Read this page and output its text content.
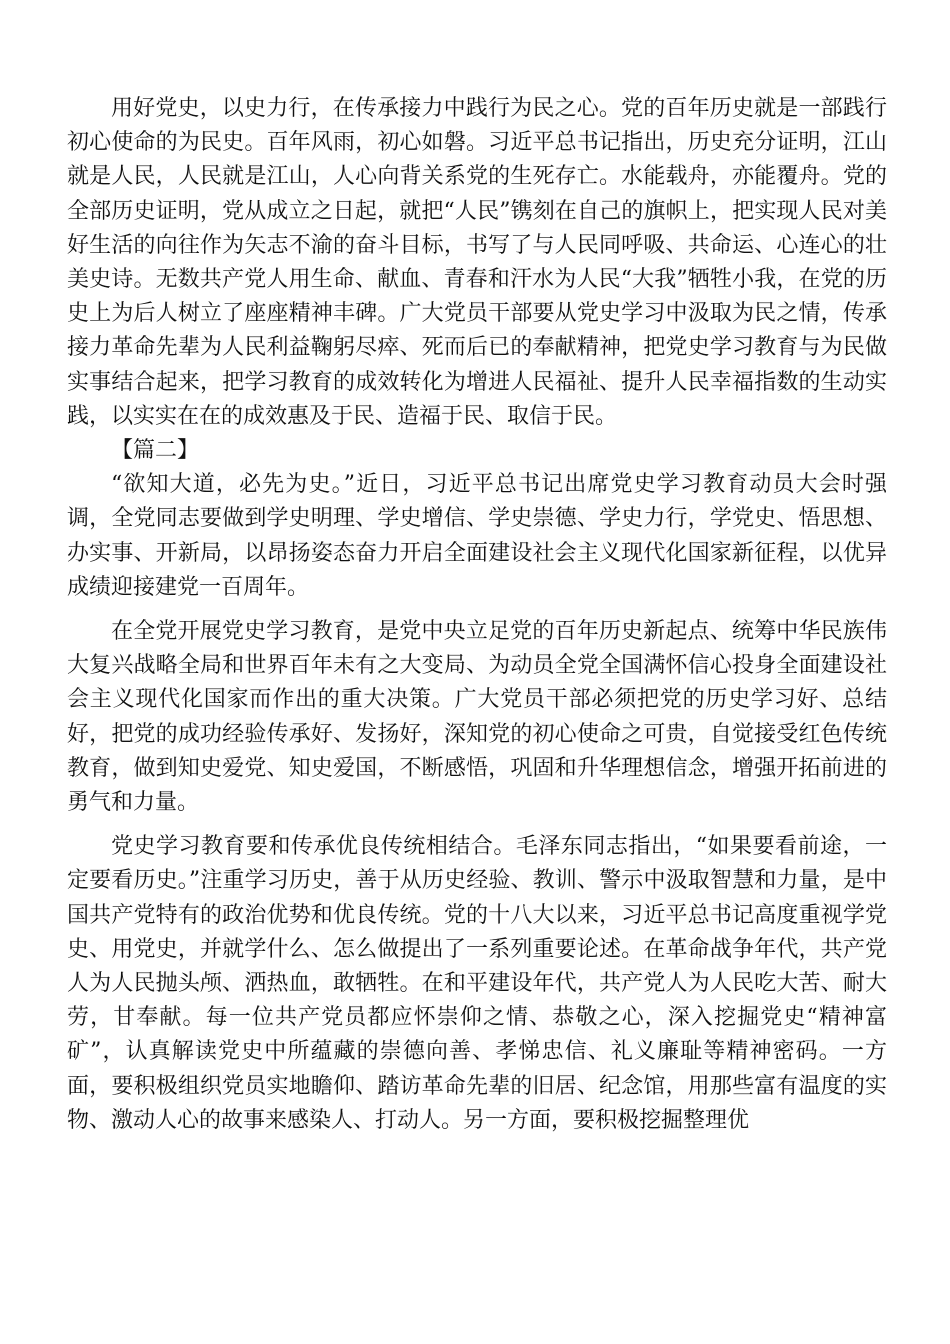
用好党史，以史力行，在传承接力中践行为民之心。党的百年历史就是一部践行初心使命的为民史。百年风雨，初心如磐。习近平总书记指出，历史充分证明，江山就是人民，人民就是江山，人心向背关系党的生死存亡。水能载舟，亦能覆舟。党的全部历史证明，党从成立之日起，就把“人民”镌刻在自己的旗帜上，把实现人民对美好生活的向往作为矢志不渝的奋斗目标，书写了与人民同呼吸、共命运、心连心的壮美史诗。无数共产党人用生命、献血、青春和汗水为人民“大我”牺牲小我，在党的历史上为后人树立了座座精神丰碑。广大党员干部要从党史学习中汲取为民之情，传承接力革命先辈为人民利益鞠躬尽瘁、死而后已的奉献精神，把党史学习教育与为民做实事结合起来，把学习教育的成效转化为增进人民福祉、提升人民幸福指数的生动实践，以实实在在的成效惠及于民、造福于民、取信于民。

【篇二】

“欲知大道，必先为史。”近日，习近平总书记出席党史学习教育动员大会时强调，全党同志要做到学史明理、学史增信、学史崇德、学史力行，学党史、悟思想、办实事、开新局，以昂扬姿态奋力开启全面建设社会主义现代化国家新征程，以优异成绩迎接建党一百周年。

在全党开展党史学习教育，是党中央立足党的百年历史新起点、统筹中华民族伟大复兴战略全局和世界百年未有之大变局、为动员全党全国满怀信心投身全面建设社会主义现代化国家而作出的重大决策。广大党员干部必须把党的历史学习好、总结好，把党的成功经验传承好、发扬好，深知党的初心使命之可贵，自觉接受红色传统教育，做到知史爱党、知史爱国，不断感悟，巩固和升华理想信念，增强开拓前进的勇气和力量。

党史学习教育要和传承优良传统相结合。毛泽东同志指出，“如果要看前途，一定要看历史。”注重学习历史，善于从历史经验、教训、警示中汲取智慧和力量，是中国共产党特有的政治优势和优良传统。党的十八大以来，习近平总书记高度重视学党史、用党史，并就学什么、怎么做提出了一系列重要论述。在革命战争年代，共产党人为人民抛头颅、洒热血，敢牺牲。在和平建设年代，共产党人为人民吃大苦、耐大劳，甘奉献。每一位共产党员都应怀崇仰之情、恭敬之心，深入挖掘党史“精神富矿”，认真解读党史中所蕴藏的崇德向善、孝悌忠信、礼义廉耻等精神密码。一方面，要积极组织党员实地瞻仰、踏访革命先辈的旧居、纪念馆，用那些富有温度的实物、激动人心的故事来感染人、打动人。另一方面，要积极挖掘整理优
